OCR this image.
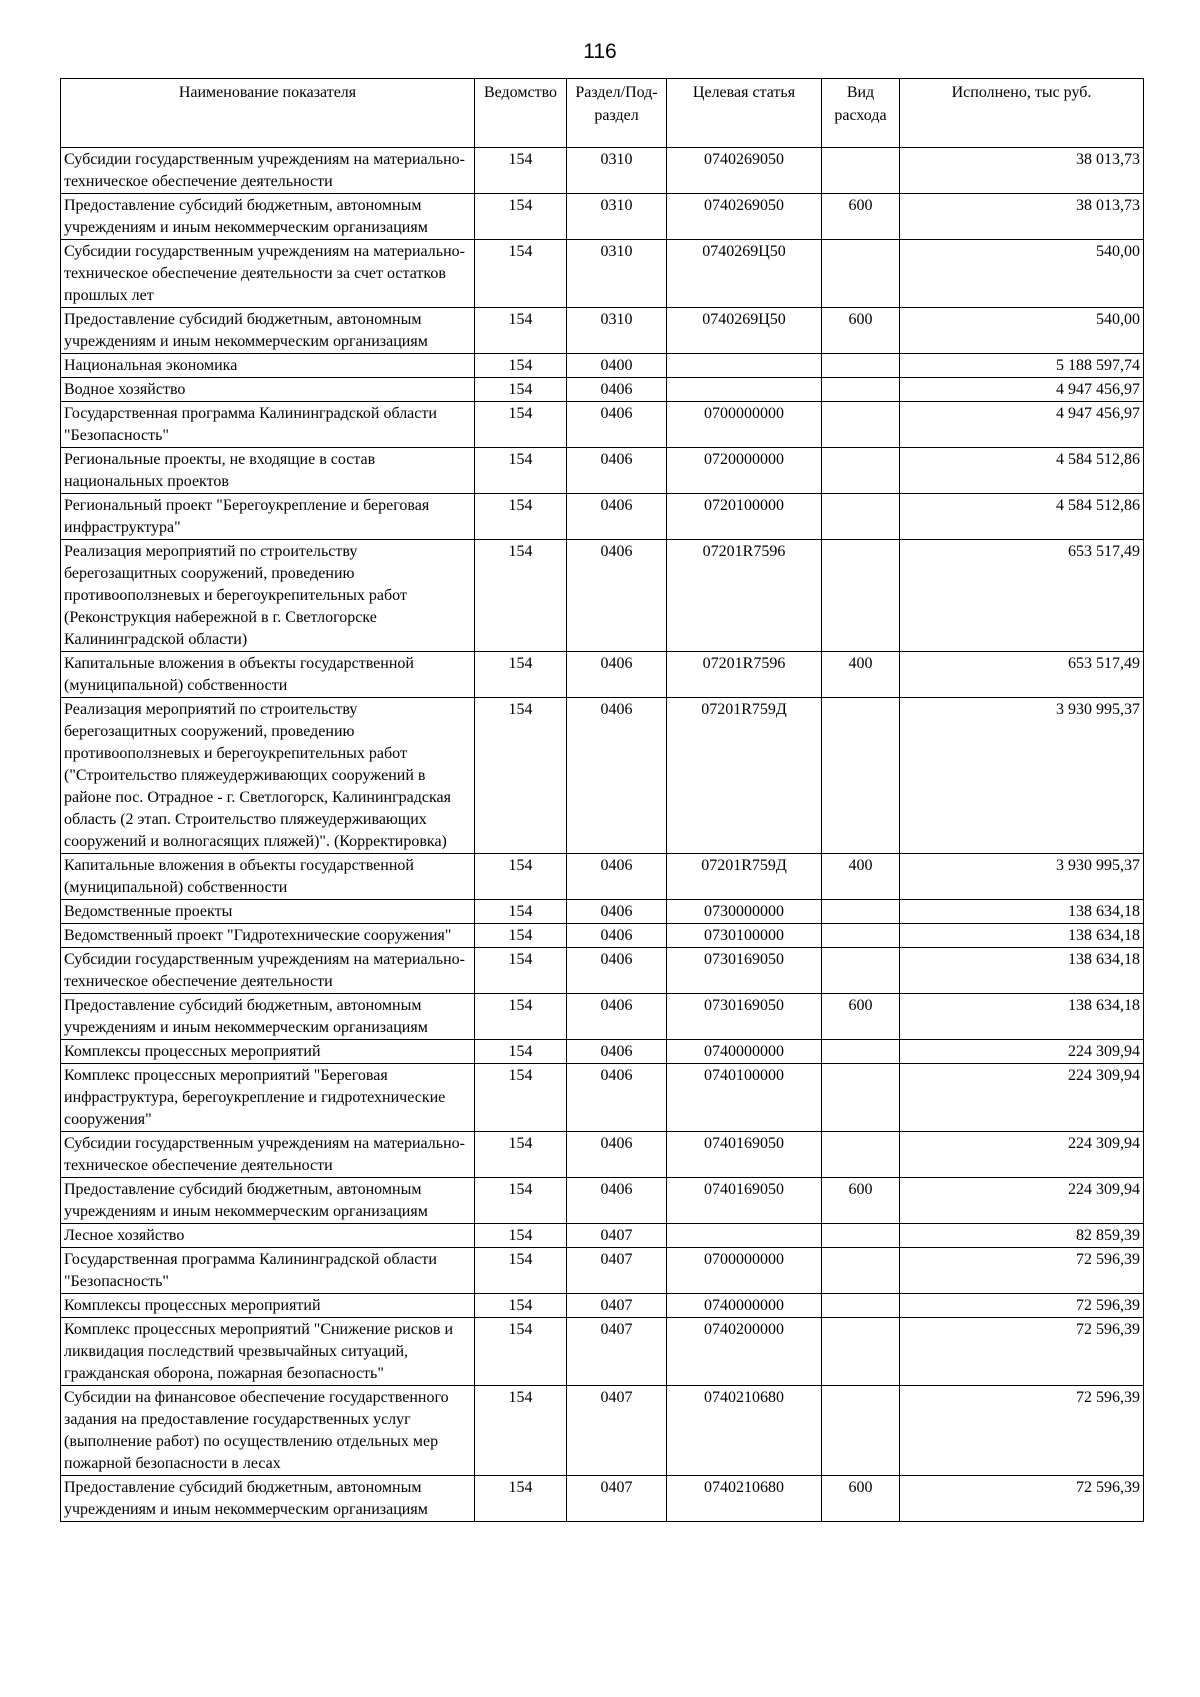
116
Наименование показателя	Ведомство	Раздел/Под-раздел	Целевая статья	Вид расхода	Исполнено, тыс руб.
Субсидии государственным учреждениям на материально-техническое обеспечение деятельности	154	0310	0740269050		38 013,73
Предоставление субсидий бюджетным, автономным учреждениям и иным некоммерческим организациям	154	0310	0740269050	600	38 013,73
Субсидии государственным учреждениям на материально-техническое обеспечение деятельности за счет остатков прошлых лет	154	0310	0740269Ц50		540,00
Предоставление субсидий бюджетным, автономным учреждениям и иным некоммерческим организациям	154	0310	0740269Ц50	600	540,00
Национальная экономика	154	0400			5 188 597,74
Водное хозяйство	154	0406			4 947 456,97
Государственная программа Калининградской области "Безопасность"	154	0406	0700000000		4 947 456,97
Региональные проекты, не входящие в состав национальных проектов	154	0406	0720000000		4 584 512,86
Региональный проект "Берегоукрепление и береговая инфраструктура"	154	0406	0720100000		4 584 512,86
Реализация мероприятий по строительству берегозащитных сооружений, проведению противооползневых и берегоукрепительных работ (Реконструкция набережной в г. Светлогорске Калининградской области)	154	0406	07201R7596		653 517,49
Капитальные вложения в объекты государственной (муниципальной) собственности	154	0406	07201R7596	400	653 517,49
Реализация мероприятий по строительству берегозащитных сооружений, проведению противооползневых и берегоукрепительных работ ("Строительство пляжеудерживающих сооружений в районе пос. Отрадное - г. Светлогорск, Калининградская область (2 этап. Строительство пляжеудерживающих сооружений и волногасящих пляжей)". (Корректировка)	154	0406	07201R759Д		3 930 995,37
Капитальные вложения в объекты государственной (муниципальной) собственности	154	0406	07201R759Д	400	3 930 995,37
Ведомственные проекты	154	0406	0730000000		138 634,18
Ведомственный проект "Гидротехнические сооружения"	154	0406	0730100000		138 634,18
Субсидии государственным учреждениям на материально-техническое обеспечение деятельности	154	0406	0730169050		138 634,18
Предоставление субсидий бюджетным, автономным учреждениям и иным некоммерческим организациям	154	0406	0730169050	600	138 634,18
Комплексы процессных мероприятий	154	0406	0740000000		224 309,94
Комплекс процессных мероприятий "Береговая инфраструктура, берегоукрепление и гидротехнические сооружения"	154	0406	0740100000		224 309,94
Субсидии государственным учреждениям на материально-техническое обеспечение деятельности	154	0406	0740169050		224 309,94
Предоставление субсидий бюджетным, автономным учреждениям и иным некоммерческим организациям	154	0406	0740169050	600	224 309,94
Лесное хозяйство	154	0407			82 859,39
Государственная программа Калининградской области "Безопасность"	154	0407	0700000000		72 596,39
Комплексы процессных мероприятий	154	0407	0740000000		72 596,39
Комплекс процессных мероприятий "Снижение рисков и ликвидация последствий чрезвычайных ситуаций, гражданская оборона, пожарная безопасность"	154	0407	0740200000		72 596,39
Субсидии на финансовое обеспечение государственного задания на предоставление государственных услуг (выполнение работ) по осуществлению отдельных мер пожарной безопасности в лесах	154	0407	0740210680		72 596,39
Предоставление субсидий бюджетным, автономным учреждениям и иным некоммерческим организациям	154	0407	0740210680	600	72 596,39
